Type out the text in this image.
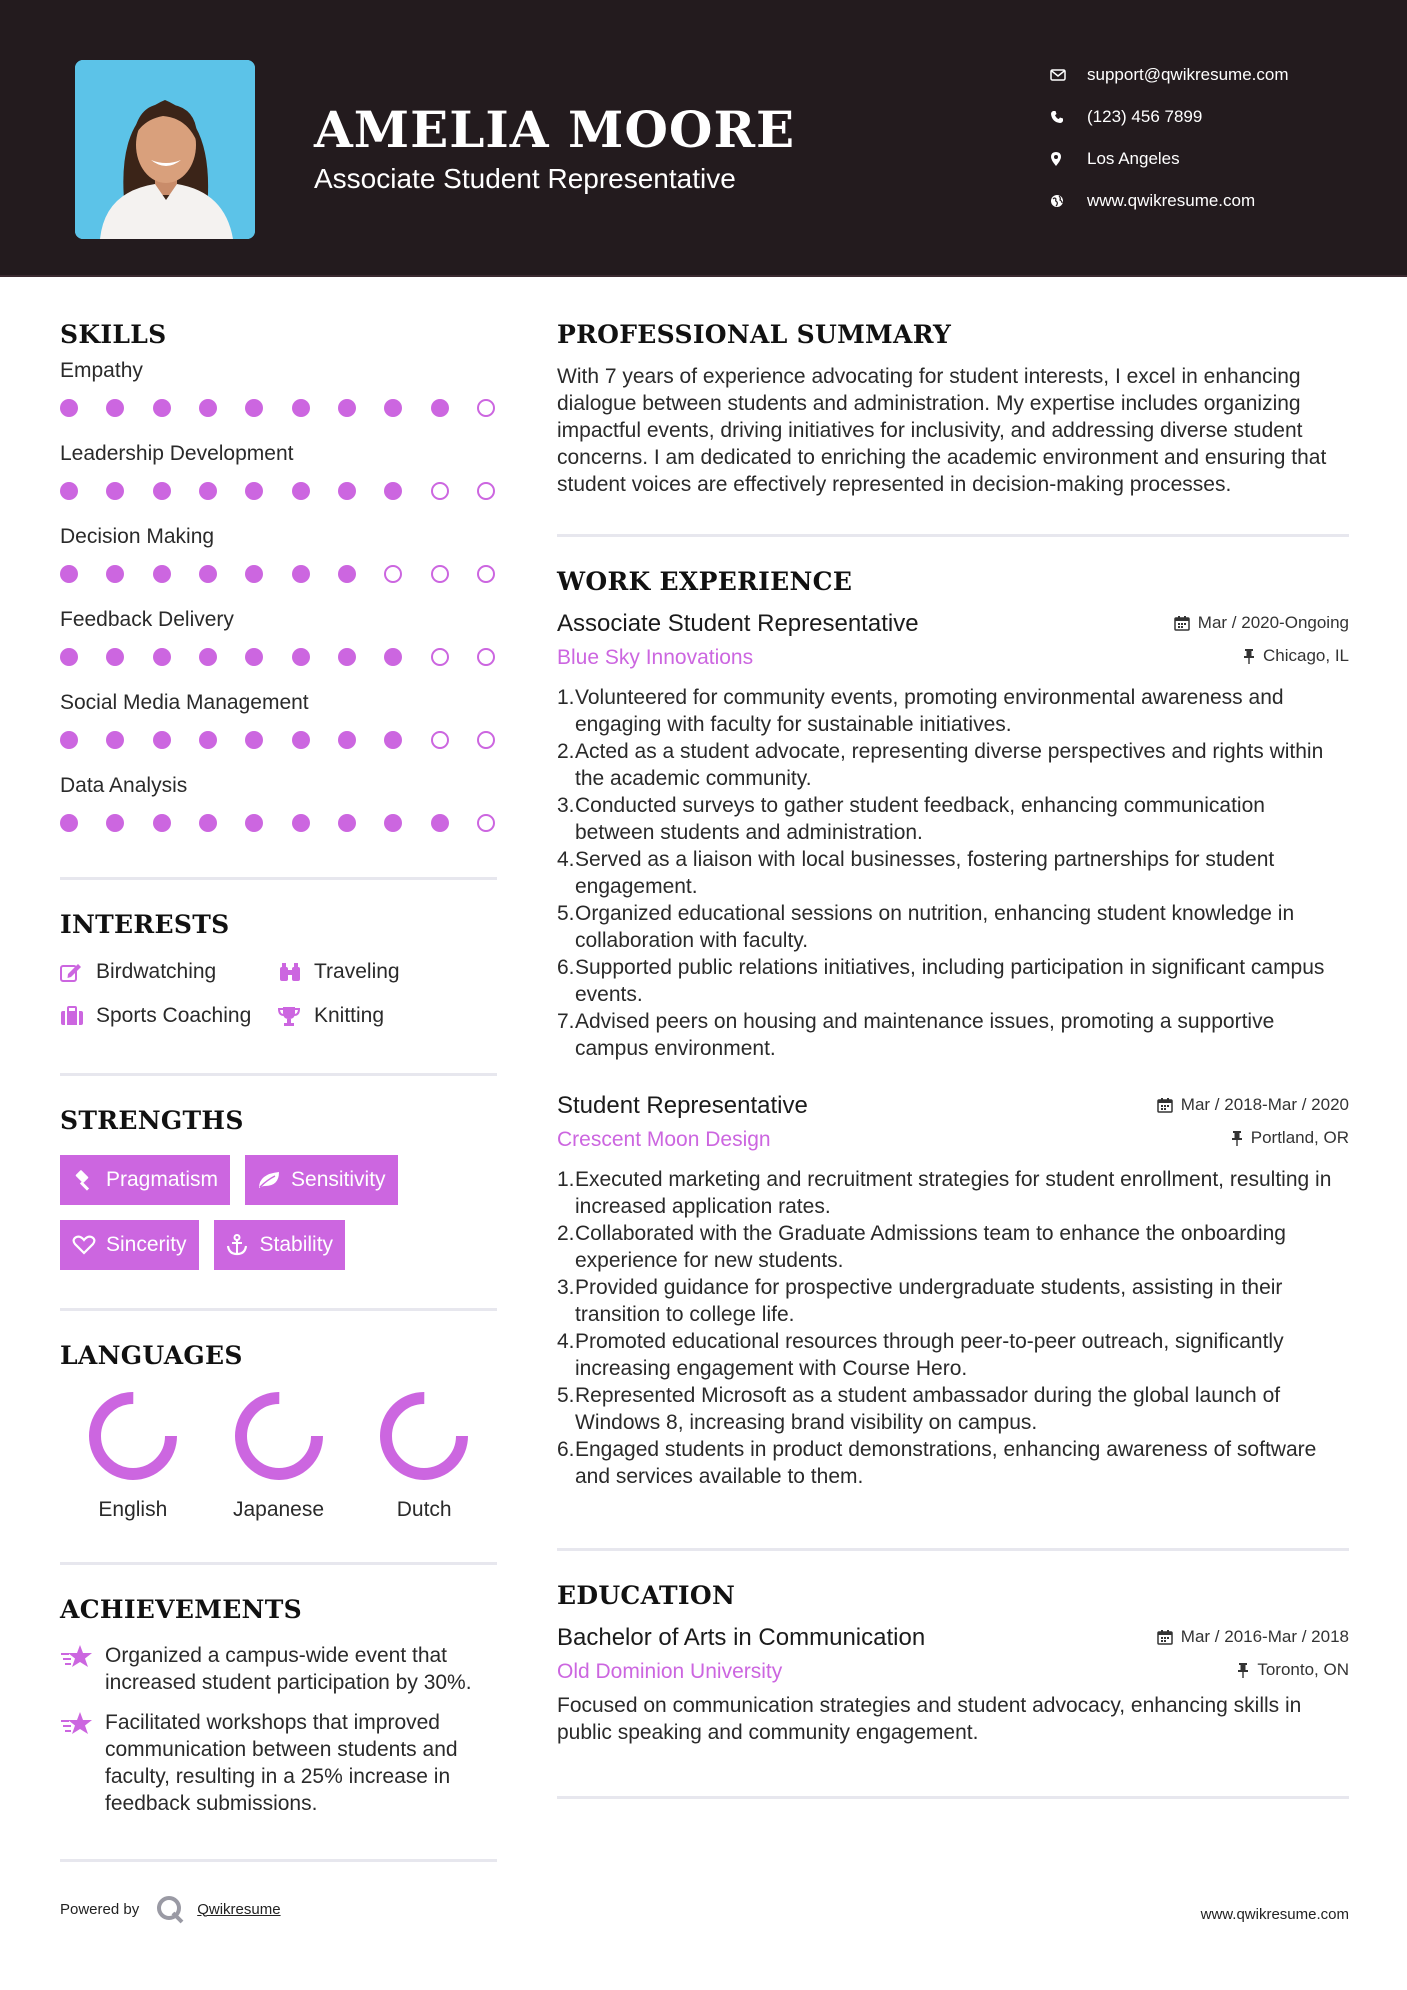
AMELIA MOORE
Associate Student Representative
support@qwikresume.com
(123) 456 7899
Los Angeles
www.qwikresume.com
SKILLS
Empathy
Leadership Development
Decision Making
Feedback Delivery
Social Media Management
Data Analysis
INTERESTS
Birdwatching	Traveling
Sports Coaching	Knitting
STRENGTHS
Pragmatism	Sensitivity
Sincerity	Stability
LANGUAGES
English	Japanese	Dutch
ACHIEVEMENTS
Organized a campus-wide event that increased student participation by 30%.
Facilitated workshops that improved communication between students and faculty, resulting in a 25% increase in feedback submissions.
PROFESSIONAL SUMMARY

With 7 years of experience advocating for student interests, I excel in enhancing dialogue between students and administration. My expertise includes organizing impactful events, driving initiatives for inclusivity, and addressing diverse student concerns. I am dedicated to enriching the academic environment and ensuring that student voices are effectively represented in decision-making processes.

WORK EXPERIENCE
Associate Student Representative	Mar / 2020-Ongoing
Blue Sky Innovations	Chicago, IL
1. Volunteered for community events, promoting environmental awareness and engaging with faculty for sustainable initiatives.
2. Acted as a student advocate, representing diverse perspectives and rights within the academic community.
3. Conducted surveys to gather student feedback, enhancing communication between students and administration.
4. Served as a liaison with local businesses, fostering partnerships for student engagement.
5. Organized educational sessions on nutrition, enhancing student knowledge in collaboration with faculty.
6. Supported public relations initiatives, including participation in significant campus events.
7. Advised peers on housing and maintenance issues, promoting a supportive campus environment.
Student Representative	Mar / 2018-Mar / 2020
Crescent Moon Design	Portland, OR
1. Executed marketing and recruitment strategies for student enrollment, resulting in increased application rates.
2. Collaborated with the Graduate Admissions team to enhance the onboarding experience for new students.
3. Provided guidance for prospective undergraduate students, assisting in their transition to college life.
4. Promoted educational resources through peer-to-peer outreach, significantly increasing engagement with Course Hero.
5. Represented Microsoft as a student ambassador during the global launch of Windows 8, increasing brand visibility on campus.
6. Engaged students in product demonstrations, enhancing awareness of software and services available to them.
EDUCATION
Bachelor of Arts in Communication	Mar / 2016-Mar / 2018
Old Dominion University	Toronto, ON

Focused on communication strategies and student advocacy, enhancing skills in public speaking and community engagement.

Powered by	Qwikresume	www.qwikresume.com
